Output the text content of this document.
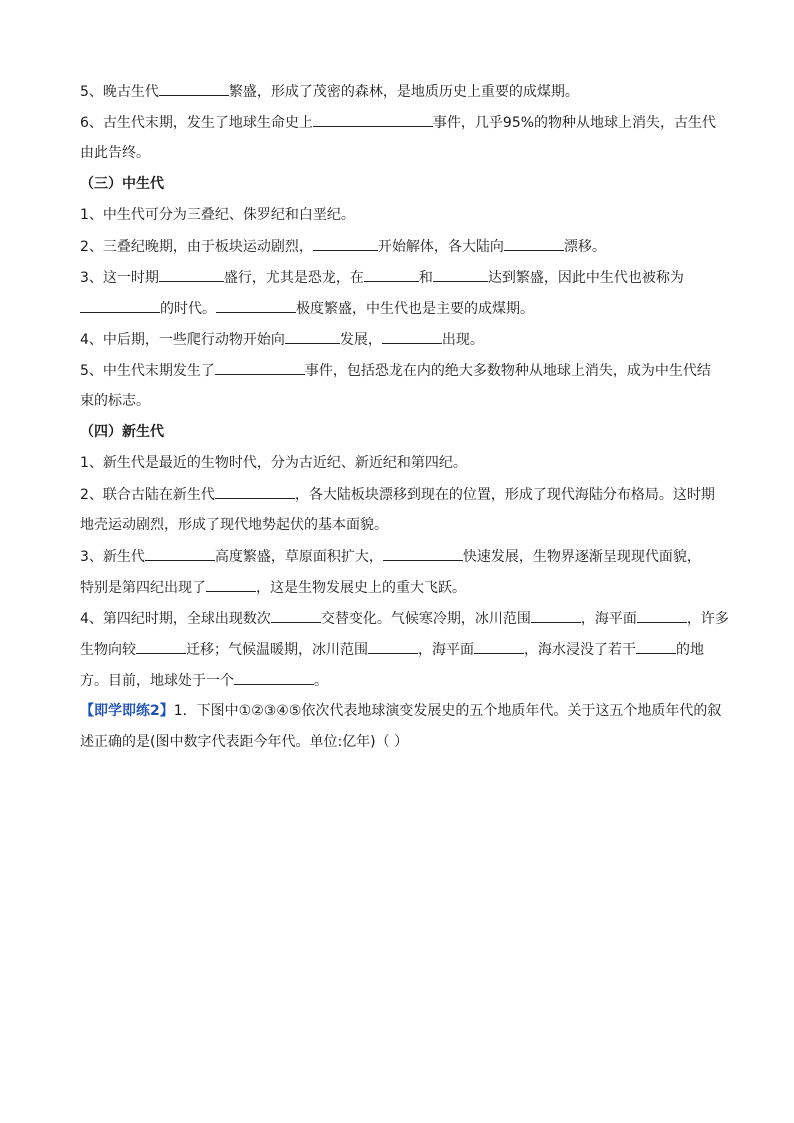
5、晚古生代	繁盛，形成了茂密的森林，是地质历史上重要的成煤期。
6、古生代末期，发生了地球生命史上	事件，几乎95%的物种从地球上消失，古生代
由此告终。
（三）中生代
1、中生代可分为三叠纪、侏罗纪和白垩纪。
2、三叠纪晚期，由于板块运动剧烈，	开始解体，各大陆向	漂移。
3、这一时期	盛行，尤其是恐龙，在	和	达到繁盛，因此中生代也被称为
的时代。	极度繁盛，中生代也是主要的成煤期。
4、中后期，一些爬行动物开始向	发展，	出现。
5、中生代末期发生了	事件，包括恐龙在内的绝大多数物种从地球上消失，成为中生代结
束的标志。
（四）新生代
1、新生代是最近的生物时代，分为古近纪、新近纪和第四纪。
2、联合古陆在新生代	，各大陆板块漂移到现在的位置，形成了现代海陆分布格局。这时期
地壳运动剧烈，形成了现代地势起伏的基本面貌。
3、新生代	高度繁盛，草原面积扩大，	快速发展，生物界逐渐呈现现代面貌，
特别是第四纪出现了	，这是生物发展史上的重大飞跃。
4、第四纪时期，全球出现数次	交替变化。气候寒冷期，冰川范围	，海平面	，许多
生物向较	迁移；气候温暖期，冰川范围	，海平面	，海水浸没了若干	的地
方。目前，地球处于一个	。
【即学即练2】1．下图中①②③④⑤依次代表地球演变发展史的五个地质年代。关于这五个地质年代的叙
述正确的是(图中数字代表距今年代。单位:亿年)（ ）
